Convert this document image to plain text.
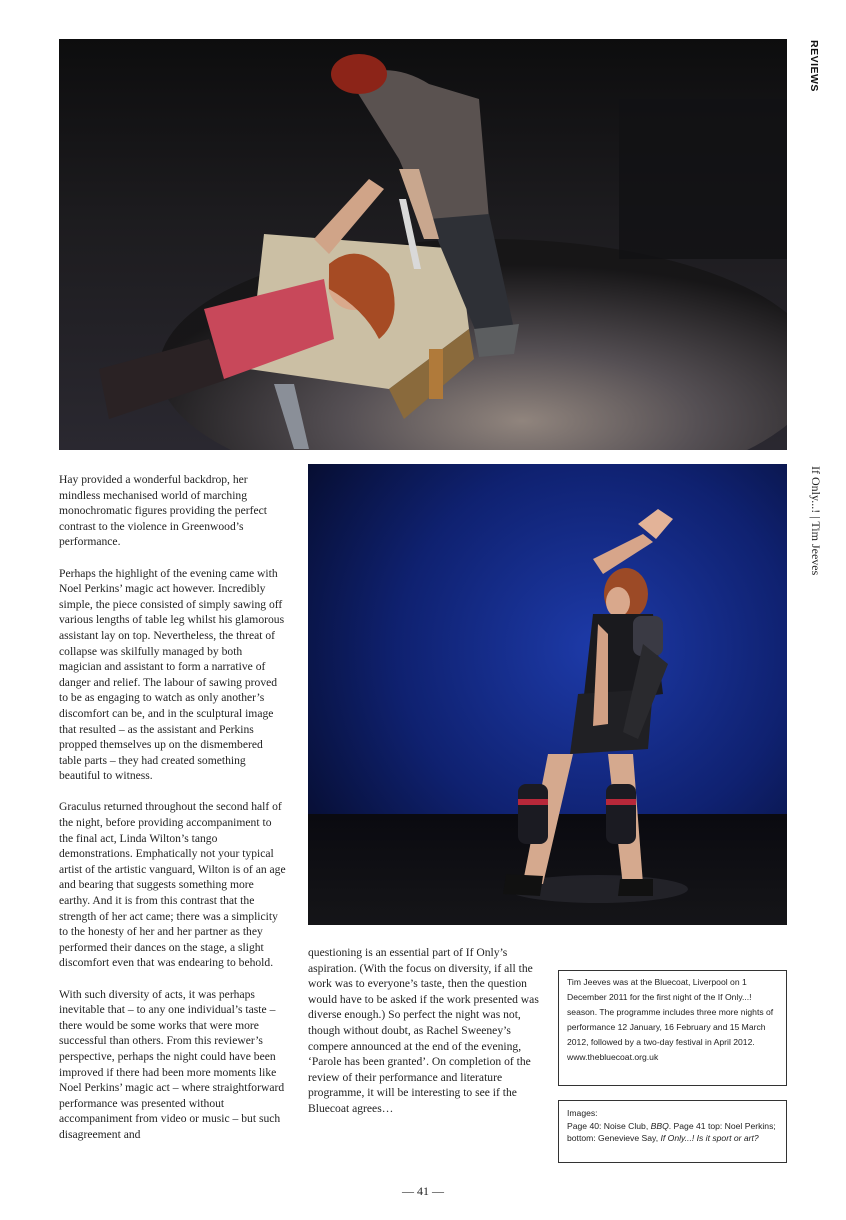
REVIEWS
If Only...! | Tim Jeeves

Hay provided a wonderful backdrop, her mindless mechanised world of marching monochromatic figures providing the perfect contrast to the violence in Greenwood’s performance.

Perhaps the highlight of the evening came with Noel Perkins’ magic act however. Incredibly simple, the piece consisted of simply sawing off various lengths of table leg whilst his glamorous assistant lay on top. Nevertheless, the threat of collapse was skilfully managed by both magician and assistant to form a narrative of danger and relief. The labour of sawing proved to be as engaging to watch as only another’s discomfort can be, and in the sculptural image that resulted – as the assistant and Perkins propped themselves up on the dismembered table parts – they had created something beautiful to witness.

Graculus returned throughout the second half of the night, before providing accompaniment to the final act, Linda Wilton’s tango demonstrations. Emphatically not your typical artist of the artistic vanguard, Wilton is of an age and bearing that suggests something more earthy. And it is from this contrast that the strength of her act came; there was a simplicity to the honesty of her and her partner as they performed their dances on the stage, a slight discomfort even that was endearing to behold.

With such diversity of acts, it was perhaps inevitable that – to any one individual’s taste – there would be some works that were more successful than others. From this reviewer’s perspective, perhaps the night could have been improved if there had been more moments like Noel Perkins’ magic act – where straightforward performance was presented without accompaniment from video or music – but such disagreement and

questioning is an essential part of If Only’s aspiration. (With the focus on diversity, if all the work was to everyone’s taste, then the question would have to be asked if the work presented was diverse enough.) So perfect the night was not, though without doubt, as Rachel Sweeney’s compere announced at the end of the evening, ‘Parole has been granted’. On completion of the review of their performance and literature programme, it will be interesting to see if the Bluecoat agrees…

Tim Jeeves was at the Bluecoat, Liverpool on 1 December 2011 for the first night of the If Only...! season. The programme includes three more nights of performance 12 January, 16 February and 15 March 2012, followed by a two-day festival in April 2012.
www.thebluecoat.org.uk
Images:
Page 40: Noise Club, BBQ. Page 41 top: Noel Perkins; bottom: Genevieve Say, If Only...! Is it sport or art?
— 41 —
